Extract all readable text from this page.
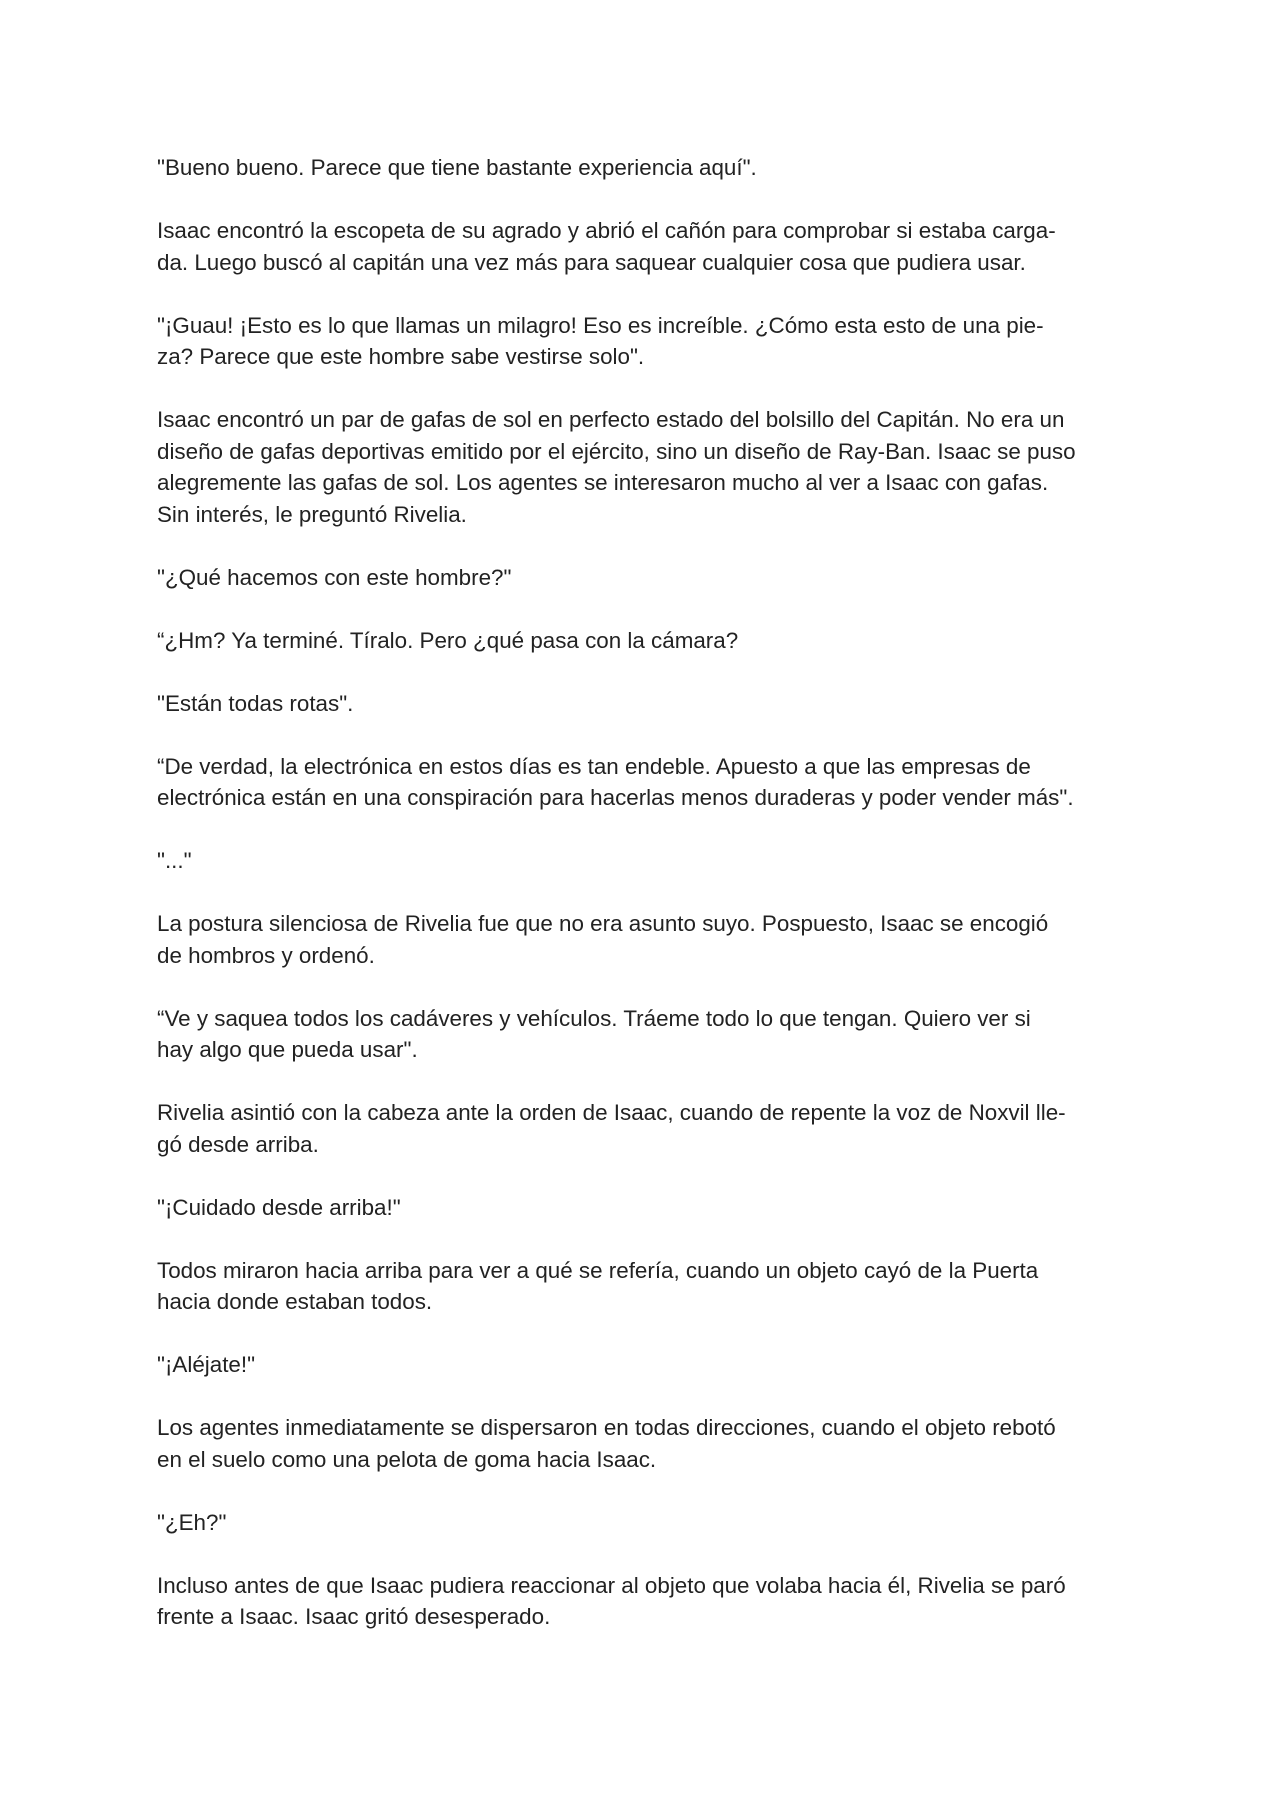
"Bueno bueno. Parece que tiene bastante experiencia aquí".

Isaac encontró la escopeta de su agrado y abrió el cañón para comprobar si estaba carga-
da. Luego buscó al capitán una vez más para saquear cualquier cosa que pudiera usar.

"¡Guau! ¡Esto es lo que llamas un milagro! Eso es increíble. ¿Cómo esta esto de una pie-
za? Parece que este hombre sabe vestirse solo".

Isaac encontró un par de gafas de sol en perfecto estado del bolsillo del Capitán. No era un
diseño de gafas deportivas emitido por el ejército, sino un diseño de Ray-Ban. Isaac se puso
alegremente las gafas de sol. Los agentes se interesaron mucho al ver a Isaac con gafas.
Sin interés, le preguntó Rivelia.

"¿Qué hacemos con este hombre?"

“¿Hm? Ya terminé. Tíralo. Pero ¿qué pasa con la cámara?

"Están todas rotas".

“De verdad, la electrónica en estos días es tan endeble. Apuesto a que las empresas de
electrónica están en una conspiración para hacerlas menos duraderas y poder vender más".

"..."

La postura silenciosa de Rivelia fue que no era asunto suyo. Pospuesto, Isaac se encogió
de hombros y ordenó.

“Ve y saquea todos los cadáveres y vehículos. Tráeme todo lo que tengan. Quiero ver si
hay algo que pueda usar".

Rivelia asintió con la cabeza ante la orden de Isaac, cuando de repente la voz de Noxvil lle-
gó desde arriba.

"¡Cuidado desde arriba!"

Todos miraron hacia arriba para ver a qué se refería, cuando un objeto cayó de la Puerta
hacia donde estaban todos.

"¡Aléjate!"

Los agentes inmediatamente se dispersaron en todas direcciones, cuando el objeto rebotó
en el suelo como una pelota de goma hacia Isaac.

"¿Eh?"

Incluso antes de que Isaac pudiera reaccionar al objeto que volaba hacia él, Rivelia se paró
frente a Isaac. Isaac gritó desesperado.
